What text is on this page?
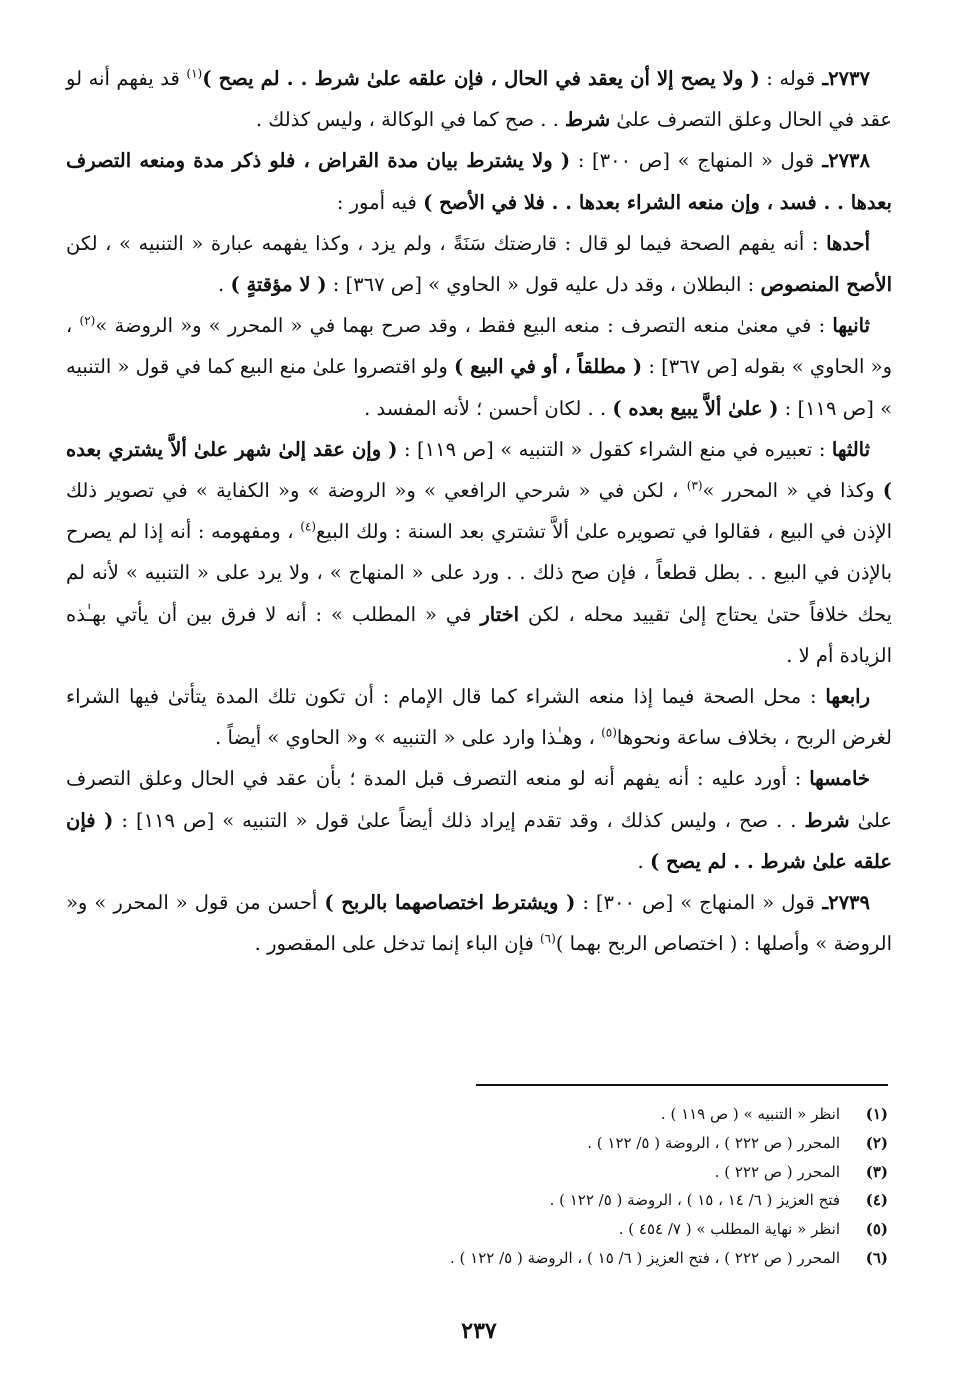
٢٧٣٧ـ قوله : ( ولا يصح إلا أن يعقد في الحال ، فإن علقه علىٰ شرط . . لم يصح )$^{(١)}$ قد يفهم أنه لو عقد في الحال وعلق التصرف علىٰ شرط . . صح كما في الوكالة ، وليس كذلك .

٢٧٣٨ـ قول « المنهاج » [ص ٣٠٠] : ( ولا يشترط بيان مدة القراض ، فلو ذكر مدة ومنعه التصرف بعدها . . فسد ، وإن منعه الشراء بعدها . . فلا في الأصح ) فيه أمور :

أحدها : أنه يفهم الصحة فيما لو قال : قارضتك سَنَةً ، ولم يزد ، وكذا يفهمه عبارة « التنبيه » ، لكن الأصح المنصوص : البطلان ، وقد دل عليه قول « الحاوي » [ص ٣٦٧] : ( لا مؤقتةٍ ) .

ثانيها : في معنىٰ منعه التصرف : منعه البيع فقط ، وقد صرح بهما في « المحرر » و« الروضة »$^{(٢)}$ ، و« الحاوي » بقوله [ص ٣٦٧] : ( مطلقاً ، أو في البيع ) ولو اقتصروا علىٰ منع البيع كما في قول « التنبيه » [ص ١١٩] : ( علىٰ ألاَّ يبيع بعده ) . . لكان أحسن ؛ لأنه المفسد .

ثالثها : تعبيره في منع الشراء كقول « التنبيه » [ص ١١٩] : ( وإن عقد إلىٰ شهر علىٰ ألاَّ يشتري بعده ) وكذا في « المحرر »$^{(٣)}$ ، لكن في « شرحي الرافعي » و« الروضة » و« الكفاية » في تصوير ذلك الإذن في البيع ، فقالوا في تصويره علىٰ ألاَّ تشتري بعد السنة : ولك البيع$^{(٤)}$ ، ومفهومه : أنه إذا لم يصرح بالإذن في البيع . . بطل قطعاً ، فإن صح ذلك . . ورد على « المنهاج » ، ولا يرد على « التنبيه » لأنه لم يحك خلافاً حتىٰ يحتاج إلىٰ تقييد محله ، لكن اختار في « المطلب » : أنه لا فرق بين أن يأتي بهـٰذه الزيادة أم لا .

رابعها : محل الصحة فيما إذا منعه الشراء كما قال الإمام : أن تكون تلك المدة يتأتىٰ فيها الشراء لغرض الربح ، بخلاف ساعة ونحوها$^{(٥)}$ ، وهـٰذا وارد على « التنبيه » و« الحاوي » أيضاً .

خامسها : أورد عليه : أنه يفهم أنه لو منعه التصرف قبل المدة ؛ بأن عقد في الحال وعلق التصرف علىٰ شرط . . صح ، وليس كذلك ، وقد تقدم إيراد ذلك أيضاً علىٰ قول « التنبيه » [ص ١١٩] : ( فإن علقه علىٰ شرط . . لم يصح ) .

٢٧٣٩ـ قول « المنهاج » [ص ٣٠٠] : ( ويشترط اختصاصهما بالربح ) أحسن من قول « المحرر » و« الروضة » وأصلها : ( اختصاص الربح بهما )$^{(٦)}$ فإن الباء إنما تدخل على المقصور .

(١)
انظر « التنبيه » ( ص ١١٩ ) .
(٢)
المحرر ( ص ٢٢٢ ) ، الروضة ( ٥/ ١٢٢ ) .
(٣)
المحرر ( ص ٢٢٢ ) .
(٤)
فتح العزيز ( ٦/ ١٤ ، ١٥ ) ، الروضة ( ٥/ ١٢٢ ) .
(٥)
انظر « نهاية المطلب » ( ٧/ ٤٥٤ ) .
(٦)
المحرر ( ص ٢٢٢ ) ، فتح العزيز ( ٦/ ١٥ ) ، الروضة ( ٥/ ١٢٢ ) .
٢٣٧
